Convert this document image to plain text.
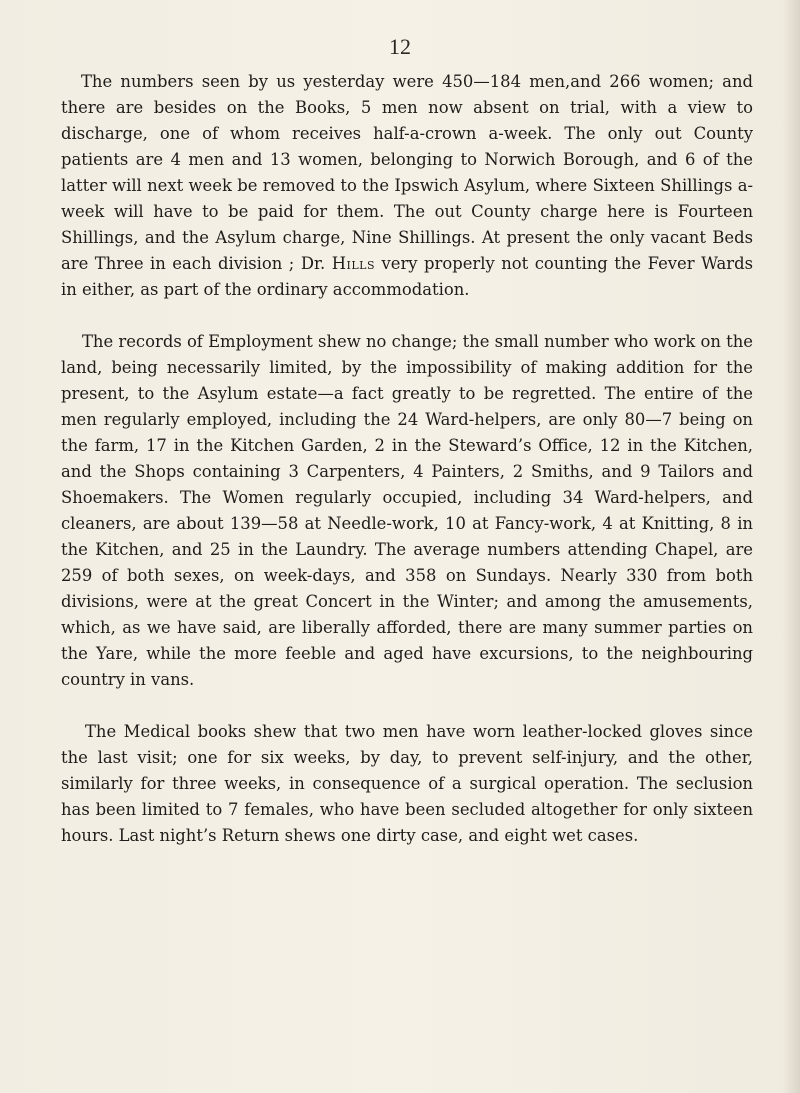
12

The numbers seen by us yesterday were 450—184 men,and 266 women; and there are besides on the Books, 5 men now absent on trial, with a view to discharge, one of whom receives half-a-crown a-week. The only out County patients are 4 men and 13 women, belonging to Norwich Borough, and 6 of the latter will next week be removed to the Ipswich Asylum, where Sixteen Shillings a-week will have to be paid for them. The out County charge here is Fourteen Shillings, and the Asylum charge, Nine Shillings. At present the only vacant Beds are Three in each division ; Dr. Hills very properly not counting the Fever Wards in either, as part of the ordinary accommodation.

The records of Employment shew no change; the small number who work on the land, being necessarily limited, by the impossibility of making addition for the present, to the Asylum estate—a fact greatly to be regretted. The entire of the men regularly employed, including the 24 Ward-helpers, are only 80—7 being on the farm, 17 in the Kitchen Garden, 2 in the Steward’s Office, 12 in the Kitchen, and the Shops containing 3 Carpenters, 4 Painters, 2 Smiths, and 9 Tailors and Shoemakers. The Women regularly occupied, including 34 Ward-helpers, and cleaners, are about 139—58 at Needle-work, 10 at Fancy-work, 4 at Knitting, 8 in the Kitchen, and 25 in the Laundry. The average numbers attending Chapel, are 259 of both sexes, on week-days, and 358 on Sundays. Nearly 330 from both divisions, were at the great Concert in the Winter; and among the amusements, which, as we have said, are liberally afforded, there are many summer parties on the Yare, while the more feeble and aged have excursions, to the neighbouring country in vans.

The Medical books shew that two men have worn leather-locked gloves since the last visit; one for six weeks, by day, to prevent self-injury, and the other, similarly for three weeks, in consequence of a surgical operation. The seclusion has been limited to 7 females, who have been secluded altogether for only sixteen hours. Last night’s Return shews one dirty case, and eight wet cases.
